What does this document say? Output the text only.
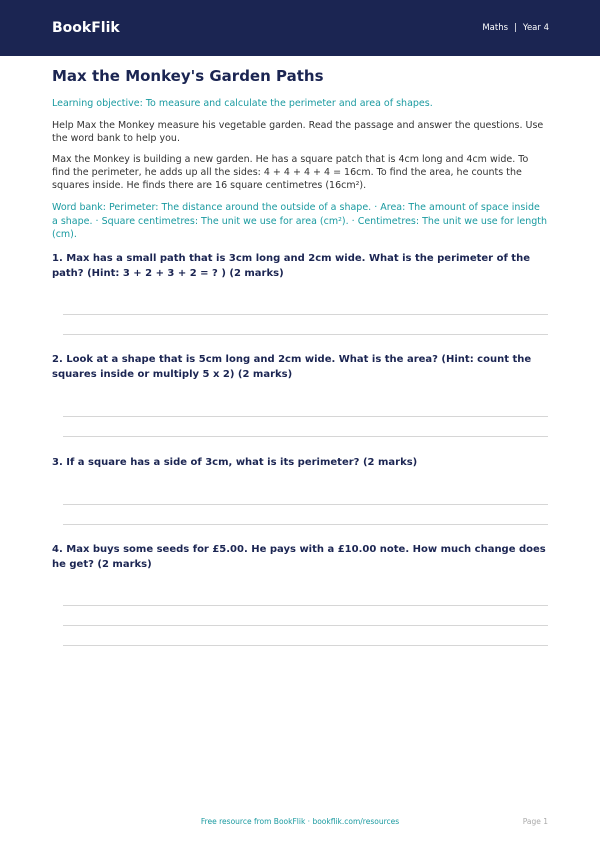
BookFlik	Maths | Year 4
Max the Monkey's Garden Paths

Learning objective: To measure and calculate the perimeter and area of shapes.

Help Max the Monkey measure his vegetable garden. Read the passage and answer the questions. Use the word bank to help you.

Max the Monkey is building a new garden. He has a square patch that is 4cm long and 4cm wide. To find the perimeter, he adds up all the sides: 4 + 4 + 4 + 4 = 16cm. To find the area, he counts the squares inside. He finds there are 16 square centimetres (16cm²).

Word bank: Perimeter: The distance around the outside of a shape. · Area: The amount of space inside a shape. · Square centimetres: The unit we use for area (cm²). · Centimetres: The unit we use for length (cm).

1. Max has a small path that is 3cm long and 2cm wide. What is the perimeter of the path? (Hint: 3 + 2 + 3 + 2 = ? ) (2 marks)
2. Look at a shape that is 5cm long and 2cm wide. What is the area? (Hint: count the squares inside or multiply 5 x 2) (2 marks)
3. If a square has a side of 3cm, what is its perimeter? (2 marks)
4. Max buys some seeds for £5.00. He pays with a £10.00 note. How much change does he get? (2 marks)
Free resource from BookFlik · bookflik.com/resources	Page 1
